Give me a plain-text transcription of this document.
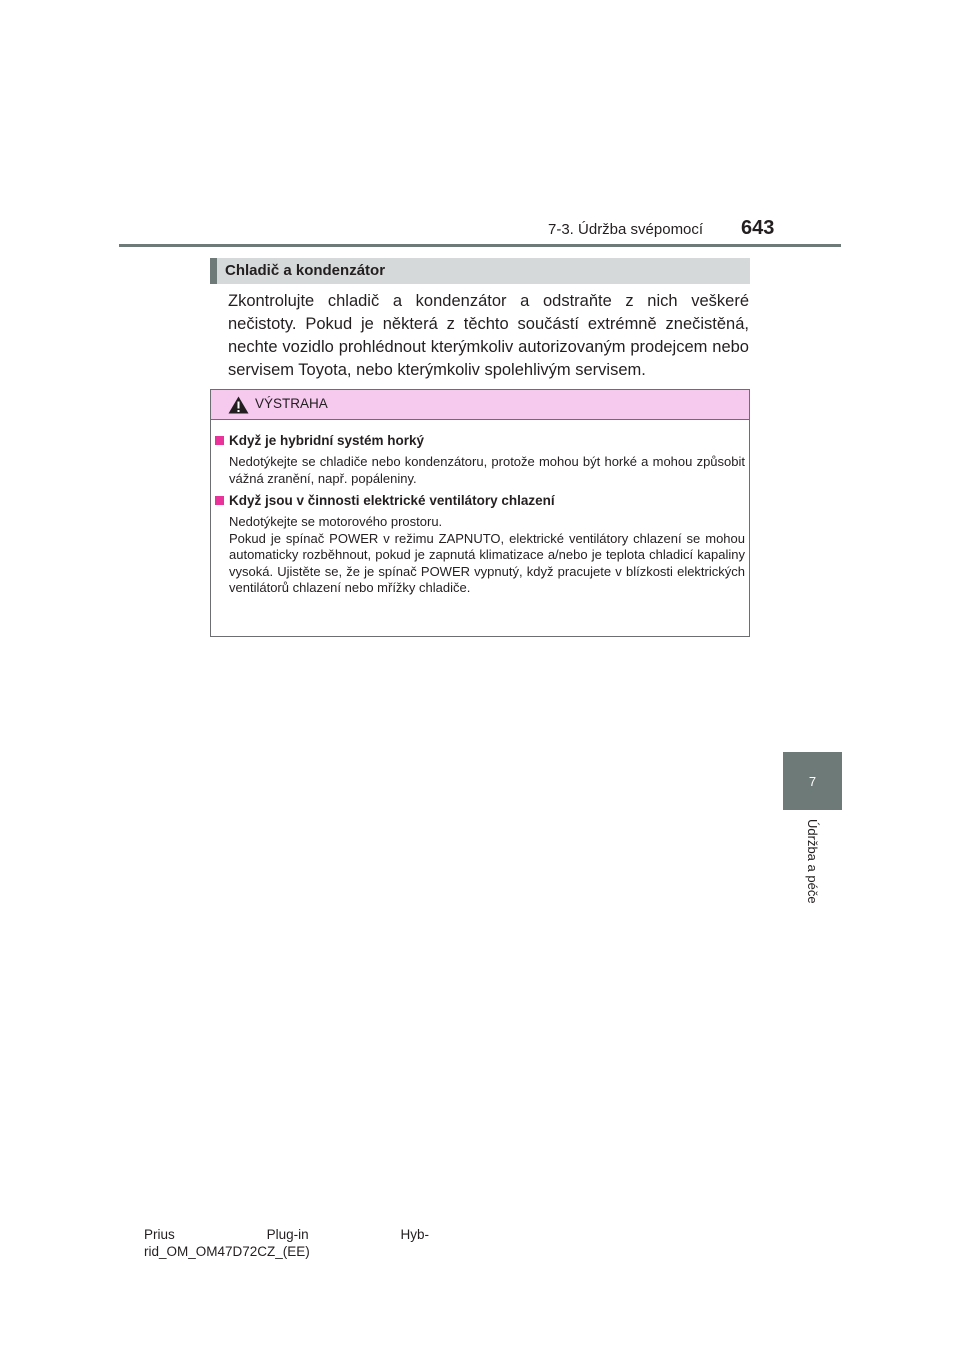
7-3. Údržba svépomocí 643
7
Údržba a péče
Chladič a kondenzátor
Zkontrolujte chladič a kondenzátor a odstraňte z nich veškeré nečistoty. Pokud je některá z těchto součástí extrémně znečistěná, nechte vozidlo prohlédnout kterýmkoliv autorizovaným prodejcem nebo servisem Toyota, nebo kterýmkoliv spolehlivým servisem.
VÝSTRAHA
Když je hybridní systém horký
Nedotýkejte se chladiče nebo kondenzátoru, protože mohou být horké a mohou způsobit vážná zranění, např. popáleniny.
Když jsou v činnosti elektrické ventilátory chlazení
Nedotýkejte se motorového prostoru.
Pokud je spínač POWER v režimu ZAPNUTO, elektrické ventilátory chlazení se mohou automaticky rozběhnout, pokud je zapnutá klimatizace a/nebo je teplota chladicí kapaliny vysoká. Ujistěte se, že je spínač POWER vypnutý, když pracujete v blízkosti elektrických ventilátorů chlazení nebo mřížky chladiče.
Prius	Plug-in	Hyb-
rid_OM_OM47D72CZ_(EE)
